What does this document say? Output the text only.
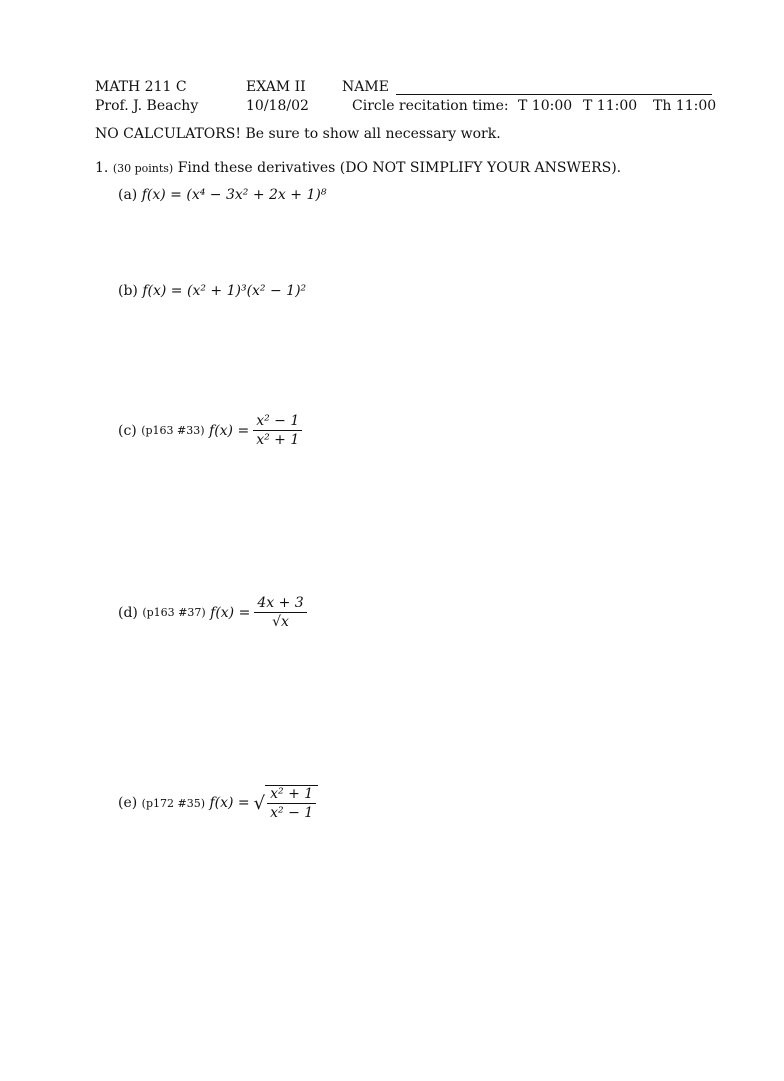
MATH 211 C	EXAM II	NAME
Prof. J. Beachy	10/18/02	Circle recitation time: T 10:00 T 11:00 Th 11:00
NO CALCULATORS! Be sure to show all necessary work.
1.
(30 points)
Find these derivatives (DO NOT SIMPLIFY YOUR ANSWERS).
(a)
f(x) =
(x⁴ − 3x² + 2x + 1)⁸
(b)
f(x) =
(x² + 1)³(x² − 1)²
(c)
(p163 #33)
$f(x) = \frac{\text{x² − 1}}{\text{x² + 1}}$
(d)
(p163 #37)
$f(x) = \frac{4x + 3}{√x}$
(e)
(p172 #35)
f(x) = √ $\frac{\text{x² + 1}}{\text{x² − 1}}$
